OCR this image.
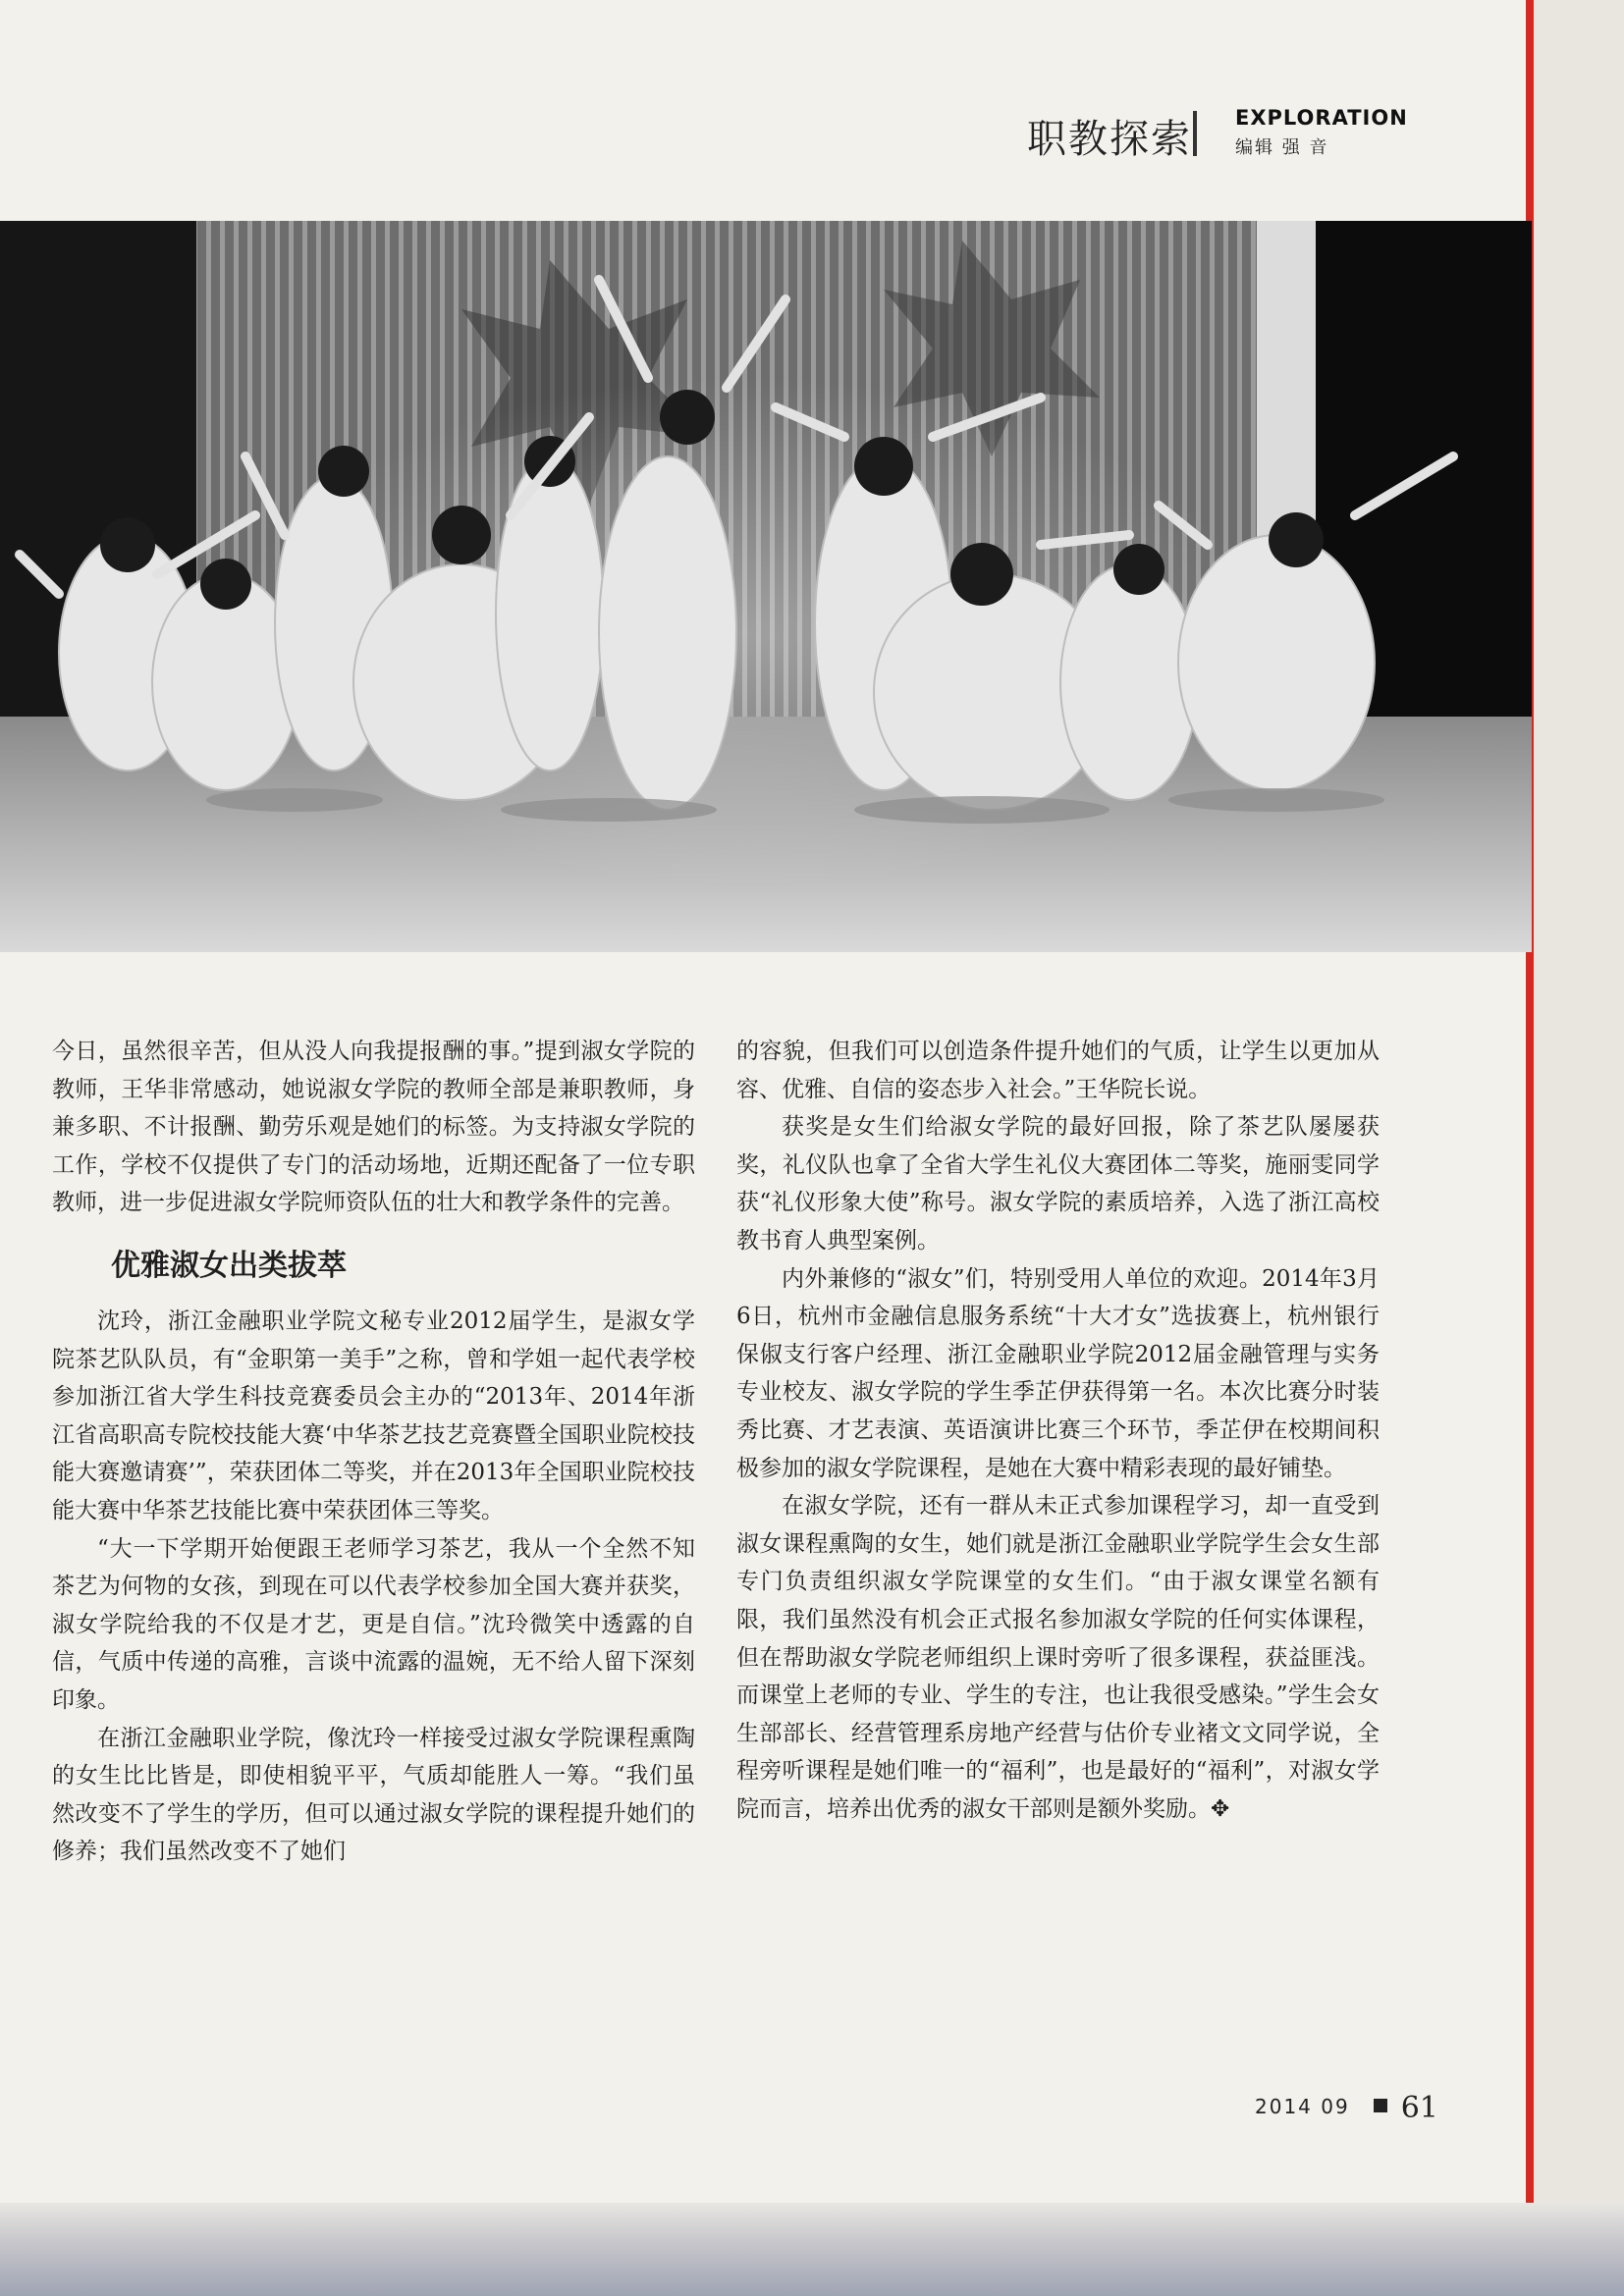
职教探索 EXPLORATION
编辑 强 音

今日，虽然很辛苦，但从没人向我提报酬的事。”提到淑女学院的教师，王华非常感动，她说淑女学院的教师全部是兼职教师，身兼多职、不计报酬、勤劳乐观是她们的标签。为支持淑女学院的工作，学校不仅提供了专门的活动场地，近期还配备了一位专职教师，进一步促进淑女学院师资队伍的壮大和教学条件的完善。

优雅淑女出类拔萃

沈玲，浙江金融职业学院文秘专业2012届学生，是淑女学院茶艺队队员，有“金职第一美手”之称，曾和学姐一起代表学校参加浙江省大学生科技竞赛委员会主办的“2013年、2014年浙江省高职高专院校技能大赛‘中华茶艺技艺竞赛暨全国职业院校技能大赛邀请赛’”，荣获团体二等奖，并在2013年全国职业院校技能大赛中华茶艺技能比赛中荣获团体三等奖。

“大一下学期开始便跟王老师学习茶艺，我从一个全然不知茶艺为何物的女孩，到现在可以代表学校参加全国大赛并获奖，淑女学院给我的不仅是才艺，更是自信。”沈玲微笑中透露的自信，气质中传递的高雅，言谈中流露的温婉，无不给人留下深刻印象。

在浙江金融职业学院，像沈玲一样接受过淑女学院课程熏陶的女生比比皆是，即使相貌平平，气质却能胜人一筹。“我们虽然改变不了学生的学历，但可以通过淑女学院的课程提升她们的修养；我们虽然改变不了她们

的容貌，但我们可以创造条件提升她们的气质，让学生以更加从容、优雅、自信的姿态步入社会。”王华院长说。

获奖是女生们给淑女学院的最好回报，除了茶艺队屡屡获奖，礼仪队也拿了全省大学生礼仪大赛团体二等奖，施丽雯同学获“礼仪形象大使”称号。淑女学院的素质培养，入选了浙江高校教书育人典型案例。

内外兼修的“淑女”们，特别受用人单位的欢迎。2014年3月6日，杭州市金融信息服务系统“十大才女”选拔赛上，杭州银行保俶支行客户经理、浙江金融职业学院2012届金融管理与实务专业校友、淑女学院的学生季芷伊获得第一名。本次比赛分时装秀比赛、才艺表演、英语演讲比赛三个环节，季芷伊在校期间积极参加的淑女学院课程，是她在大赛中精彩表现的最好铺垫。

在淑女学院，还有一群从未正式参加课程学习，却一直受到淑女课程熏陶的女生，她们就是浙江金融职业学院学生会女生部专门负责组织淑女学院课堂的女生们。“由于淑女课堂名额有限，我们虽然没有机会正式报名参加淑女学院的任何实体课程，但在帮助淑女学院老师组织上课时旁听了很多课程，获益匪浅。而课堂上老师的专业、学生的专注，也让我很受感染。”学生会女生部部长、经营管理系房地产经营与估价专业褚文文同学说，全程旁听课程是她们唯一的“福利”，也是最好的“福利”，对淑女学院而言，培养出优秀的淑女干部则是额外奖励。✥

2014 09 61
